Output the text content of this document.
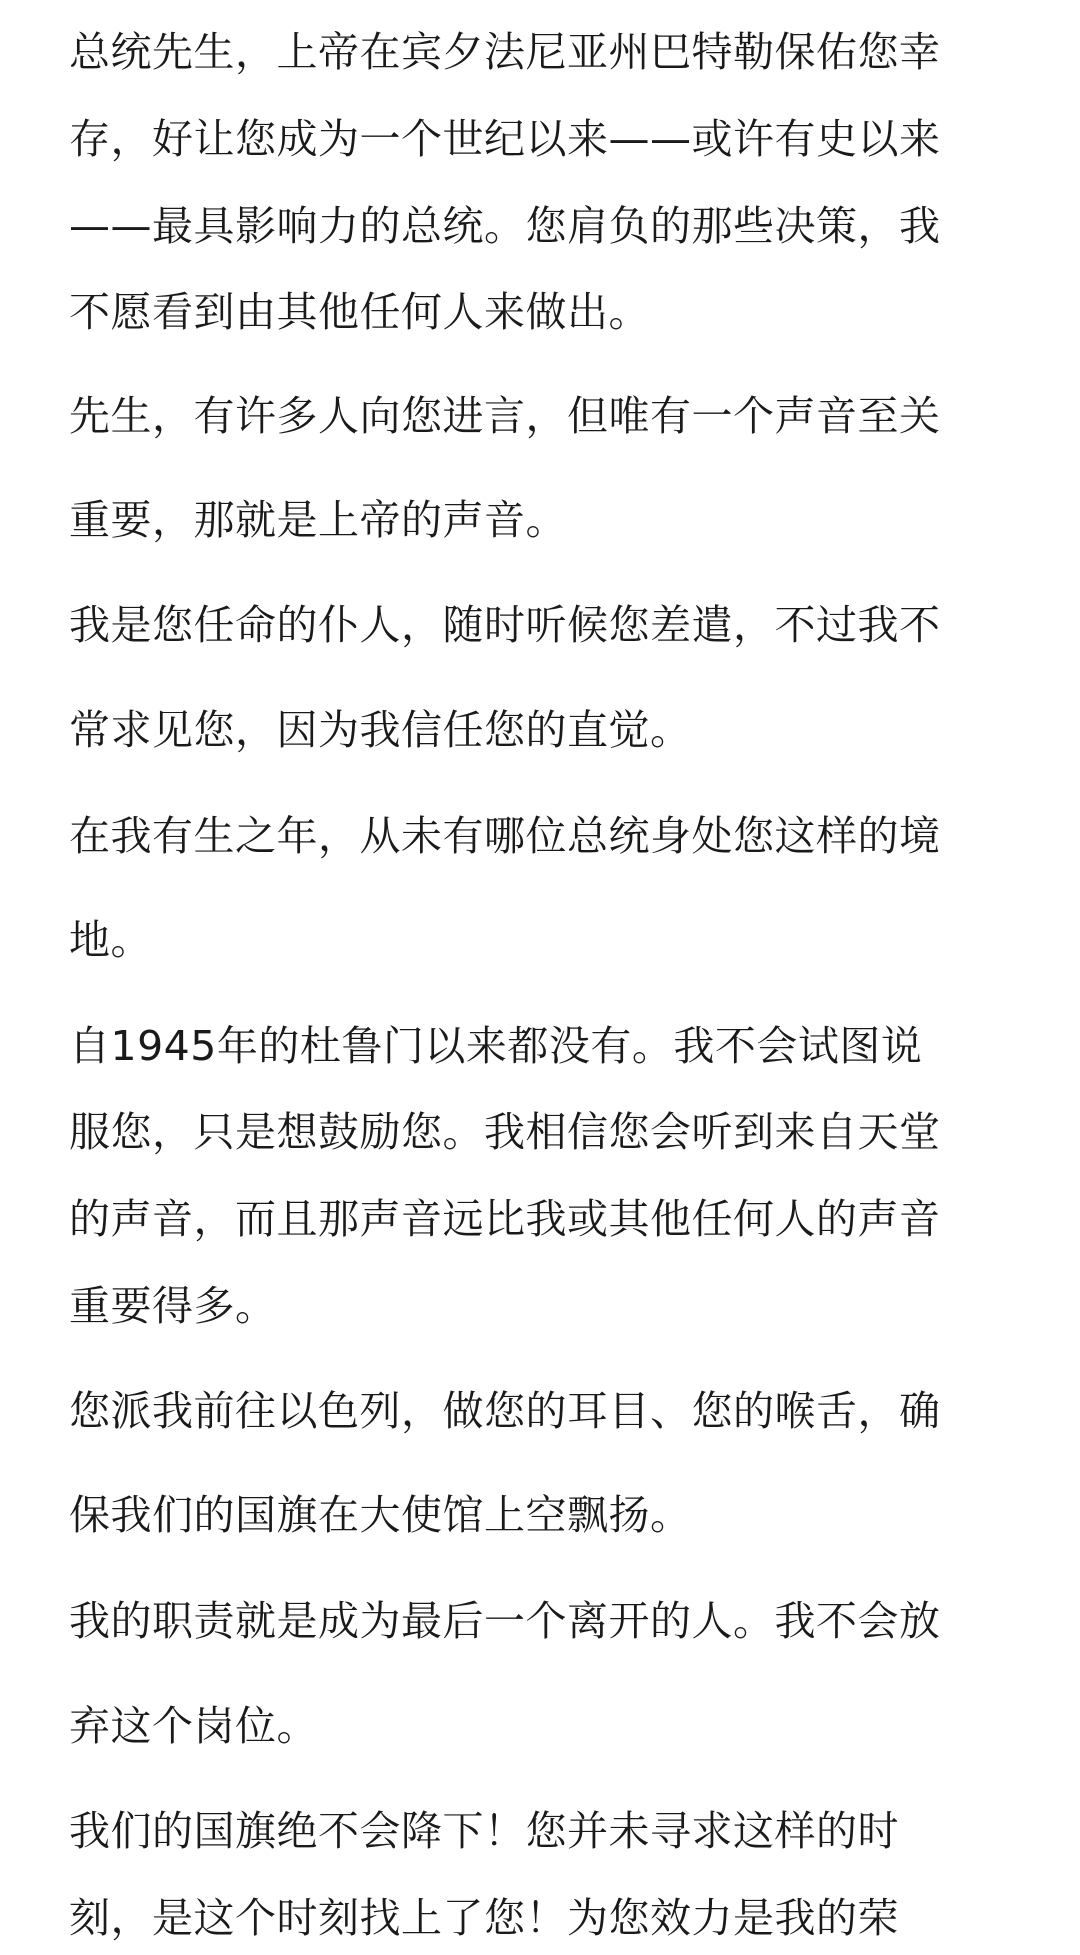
总统先生，上帝在宾夕法尼亚州巴特勒保佑您幸
存，好让您成为一个世纪以来——或许有史以来
——最具影响力的总统。您肩负的那些决策，我
不愿看到由其他任何人来做出。
先生，有许多人向您进言，但唯有一个声音至关
重要，那就是上帝的声音。
我是您任命的仆人，随时听候您差遣，不过我不
常求见您，因为我信任您的直觉。
在我有生之年，从未有哪位总统身处您这样的境
地。
自1945年的杜鲁门以来都没有。我不会试图说
服您，只是想鼓励您。我相信您会听到来自天堂
的声音，而且那声音远比我或其他任何人的声音
重要得多。
您派我前往以色列，做您的耳目、您的喉舌，确
保我们的国旗在大使馆上空飘扬。
我的职责就是成为最后一个离开的人。我不会放
弃这个岗位。
我们的国旗绝不会降下！您并未寻求这样的时
刻，是这个时刻找上了您！为您效力是我的荣
